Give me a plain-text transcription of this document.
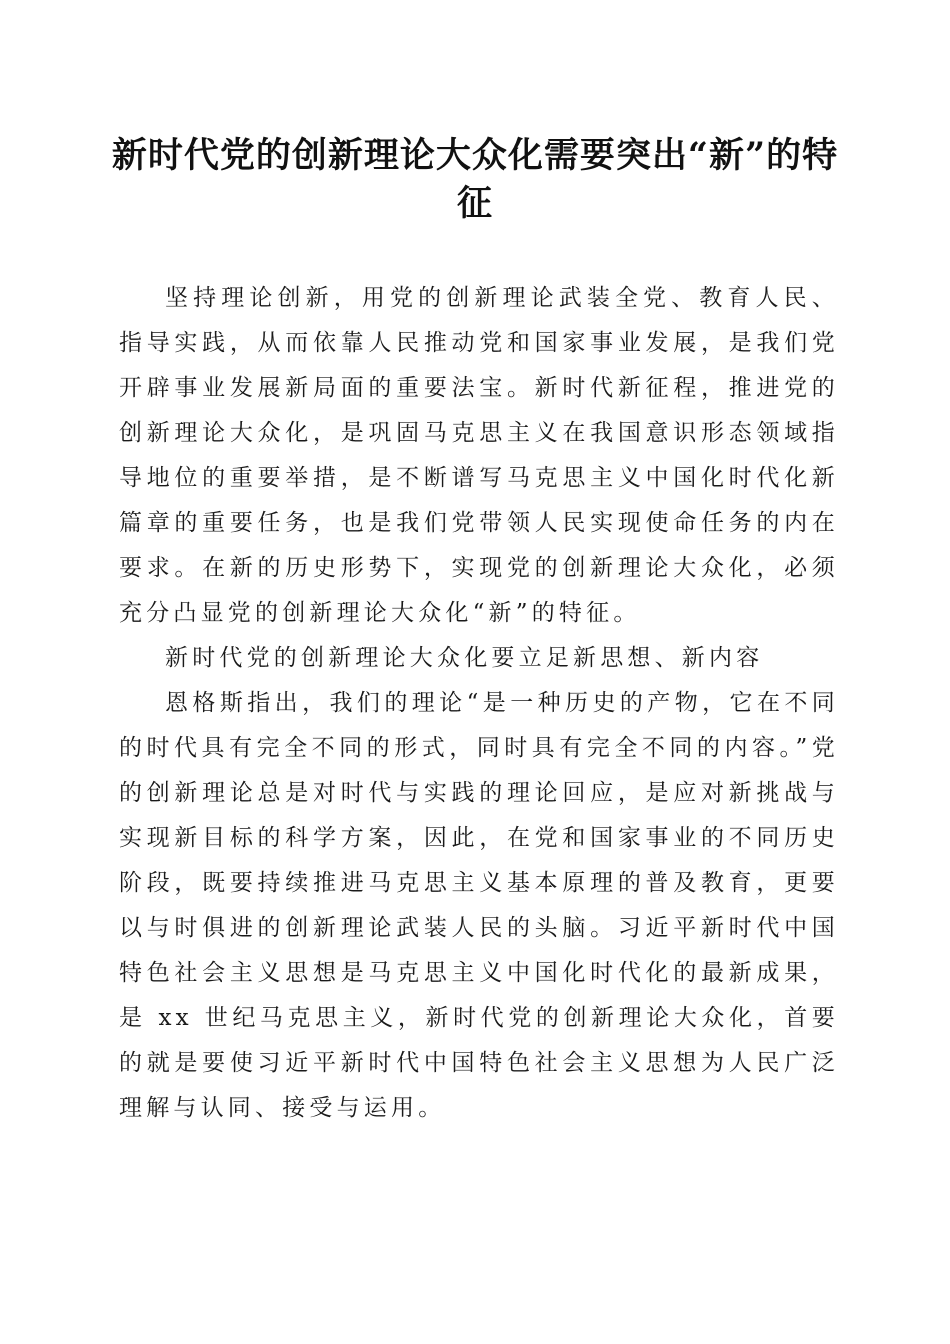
新时代党的创新理论大众化需要突出“新”的特征

坚持理论创新，用党的创新理论武装全党、教育人民、指导实践，从而依靠人民推动党和国家事业发展，是我们党开辟事业发展新局面的重要法宝。新时代新征程，推进党的创新理论大众化，是巩固马克思主义在我国意识形态领域指导地位的重要举措，是不断谱写马克思主义中国化时代化新篇章的重要任务，也是我们党带领人民实现使命任务的内在要求。在新的历史形势下，实现党的创新理论大众化，必须充分凸显党的创新理论大众化“新”的特征。

新时代党的创新理论大众化要立足新思想、新内容

恩格斯指出，我们的理论“是一种历史的产物，它在不同的时代具有完全不同的形式，同时具有完全不同的内容。”党的创新理论总是对时代与实践的理论回应，是应对新挑战与实现新目标的科学方案，因此，在党和国家事业的不同历史阶段，既要持续推进马克思主义基本原理的普及教育，更要以与时俱进的创新理论武装人民的头脑。习近平新时代中国特色社会主义思想是马克思主义中国化时代化的最新成果，是 xx 世纪马克思主义，新时代党的创新理论大众化，首要的就是要使习近平新时代中国特色社会主义思想为人民广泛理解与认同、接受与运用。
